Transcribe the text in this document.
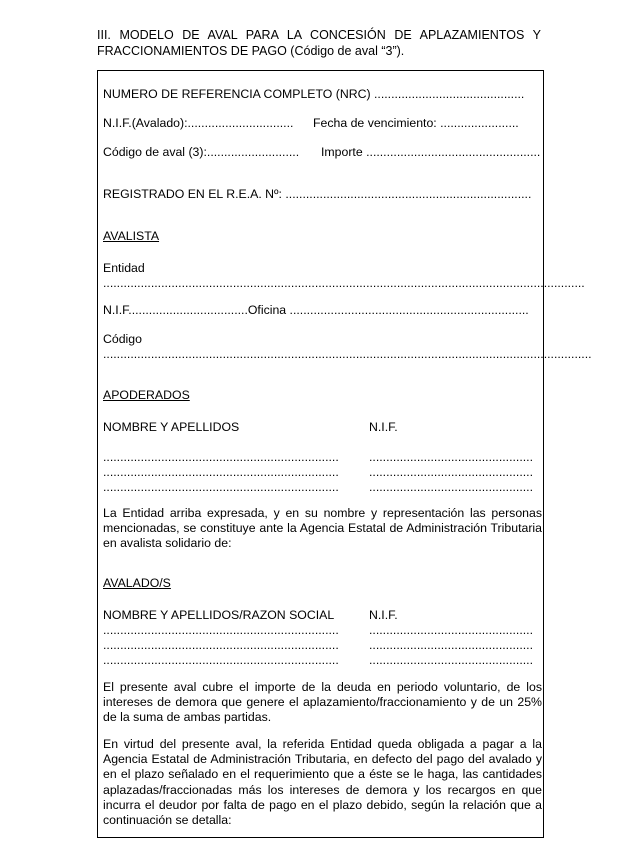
III. MODELO DE AVAL PARA LA CONCESIÓN DE APLAZAMIENTOS Y FRACCIONAMIENTOS DE PAGO (Código de aval “3”).
NUMERO DE REFERENCIA COMPLETO (NRC) ............................................
N.I.F.(Avalado):............................... Fecha de vencimiento: .......................
Código de aval (3):........................... Importe ...................................................
REGISTRADO EN EL R.E.A. Nº: ........................................................................
AVALISTA
Entidad
.............................................................................................................................................
N.I.F...................................Oficina ......................................................................
Código
...............................................................................................................................................
APODERADOS
NOMBRE Y APELLIDOS	N.I.F.
..................................................................... ................................................
..................................................................... ................................................
..................................................................... ................................................
La Entidad arriba expresada, y en su nombre y representación las personas mencionadas, se constituye ante la Agencia Estatal de Administración Tributaria en avalista solidario de:
AVALADO/S
NOMBRE Y APELLIDOS/RAZON SOCIAL	N.I.F.
..................................................................... ................................................
..................................................................... ................................................
..................................................................... ................................................
El presente aval cubre el importe de la deuda en periodo voluntario, de los intereses de demora que genere el aplazamiento/fraccionamiento y de un 25% de la suma de ambas partidas.
En virtud del presente aval, la referida Entidad queda obligada a pagar a la Agencia Estatal de Administración Tributaria, en defecto del pago del avalado y en el plazo señalado en el requerimiento que a éste se le haga, las cantidades aplazadas/fraccionadas más los intereses de demora y los recargos en que incurra el deudor por falta de pago en el plazo debido, según la relación que a continuación se detalla:
